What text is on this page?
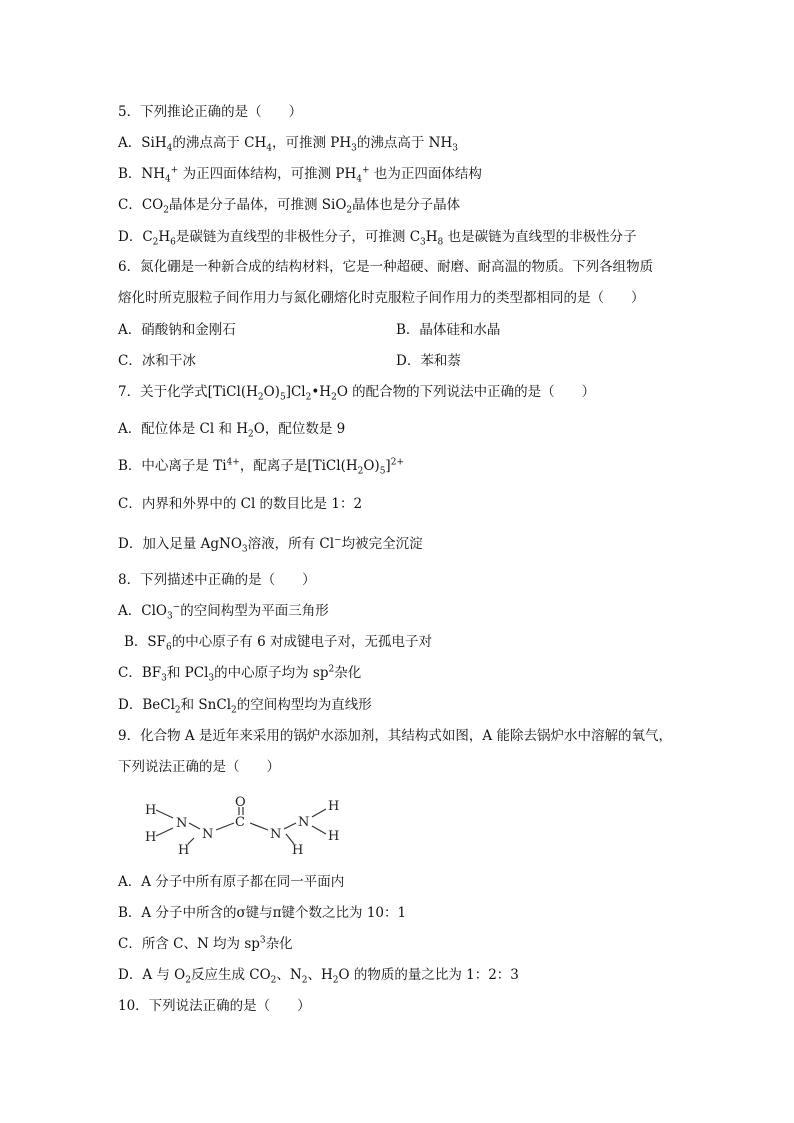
5．下列推论正确的是（　　）
A．SiH$_4$的沸点高于 $CH_4$，可推测 $PH_3$的沸点高于 $NH_3$
B．$NH_4^+$ 为正四面体结构，可推测 $PH_4^+$ 也为正四面体结构
C．$CO_2$晶体是分子晶体，可推测 SiO$_2$晶体也是分子晶体
D．$C_2H_6$是碳链为直线型的非极性分子，可推测 $C_3H_8$ 也是碳链为直线型的非极性分子
6．氮化硼是一种新合成的结构材料，它是一种超硬、耐磨、耐高温的物质。下列各组物质
熔化时所克服粒子间作用力与氮化硼熔化时克服粒子间作用力的类型都相同的是（　　）
A．硝酸钠和金刚石	B．晶体硅和水晶
C．冰和干冰	D．苯和萘
7．关于化学式$[TiCl(H_2O)_5]Cl_2•H_2O$ 的配合物的下列说法中正确的是（　　）
A．配位体是 Cl 和 $H_2O$，配位数是 9
B．中心离子是 $Ti^{4+}$，配离子是$[TiCl(H_2O)_5]^{2+}$
C．内界和外界中的 Cl 的数目比是 1：2
D．加入足量 AgNO$_3$溶液，所有 Cl−均被完全沉淀
8．下列描述中正确的是（　　）
A．ClO$_3$−的空间构型为平面三角形
B．$SF_6$的中心原子有 6 对成键电子对，无孤电子对
C．$BF_3$和 PCl$_3$的中心原子均为 $sp^2$杂化
D．BeCl$_2$和 SnCl$_2$的空间构型均为直线形
9．化合物 A 是近年来采用的锅炉水添加剂，其结构式如图，A 能除去锅炉水中溶解的氧气，
下列说法正确的是（　　）
H
N
H	N
H
C
O
N
H
N
H
H
A．A 分子中所有原子都在同一平面内
B．A 分子中所含的σ键与π键个数之比为 10：1
C．所含 C、N 均为 $sp^3$杂化
D．A 与 $O_2$反应生成 $CO_2$、$N_2$、$H_2O$ 的物质的量之比为 1：2：3
10．下列说法正确的是（　　）
